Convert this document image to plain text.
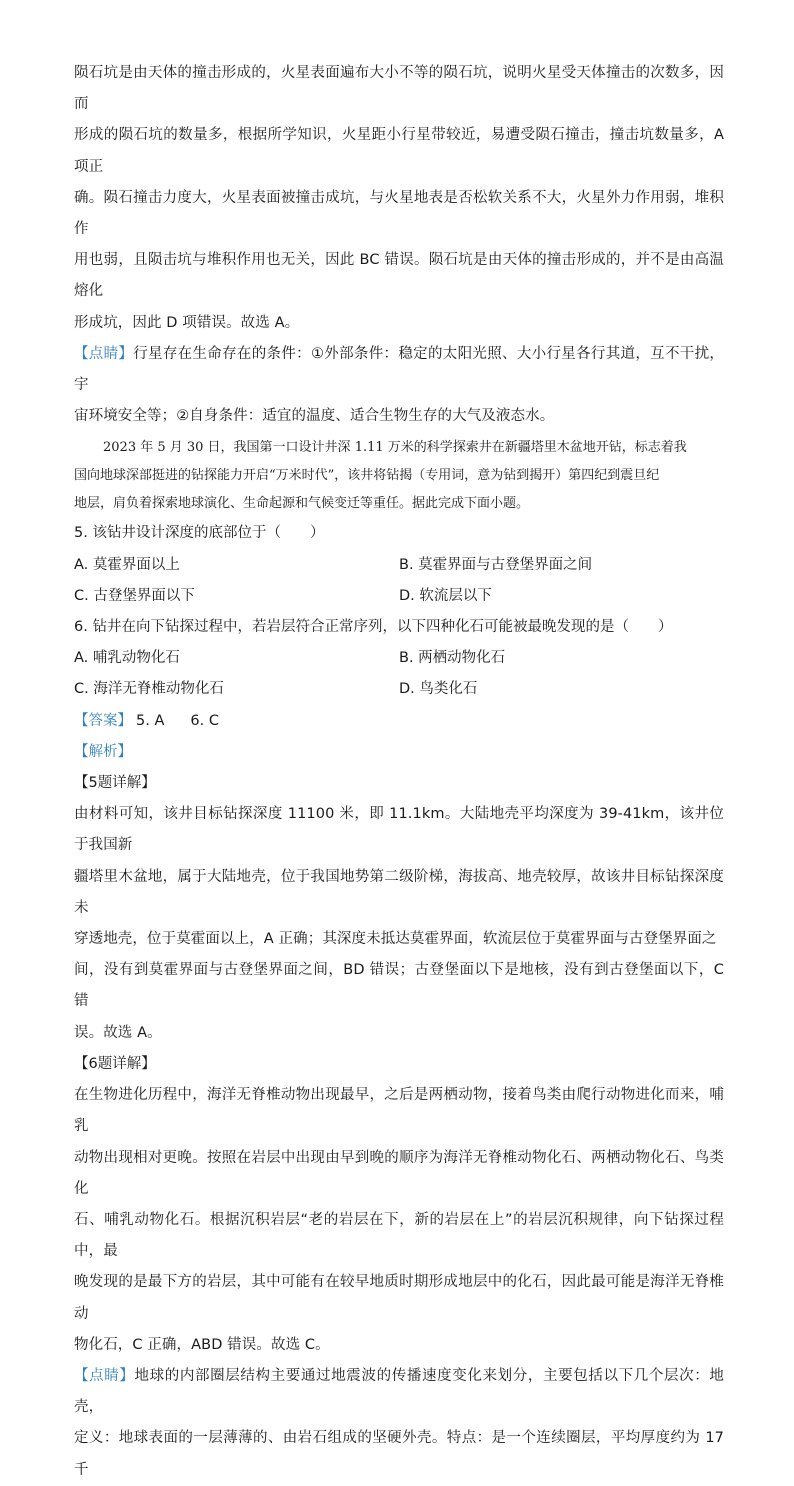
陨石坑是由天体的撞击形成的，火星表面遍布大小不等的陨石坑，说明火星受天体撞击的次数多，因而

形成的陨石坑的数量多，根据所学知识，火星距小行星带较近，易遭受陨石撞击，撞击坑数量多，A项正

确。陨石撞击力度大，火星表面被撞击成坑，与火星地表是否松软关系不大，火星外力作用弱，堆积作

用也弱，且陨击坑与堆积作用也无关，因此 BC 错误。陨石坑是由天体的撞击形成的，并不是由高温熔化

形成坑，因此 D 项错误。故选 A。

【点睛】行星存在生命存在的条件：①外部条件：稳定的太阳光照、大小行星各行其道，互不干扰，宇

宙环境安全等；②自身条件：适宜的温度、适合生物生存的大气及液态水。

2023 年 5 月 30 日，我国第一口设计井深 1.11 万米的科学探索井在新疆塔里木盆地开钻，标志着我

国向地球深部挺进的钻探能力开启“万米时代”，该井将钻揭（专用词，意为钻到揭开）第四纪到震旦纪

地层，肩负着探索地球演化、生命起源和气候变迁等重任。据此完成下面小题。

5. 该钻井设计深度的底部位于（　　）

A. 莫霍界面以上	B. 莫霍界面与古登堡界面之间
C. 古登堡界面以下	D. 软流层以下

6. 钻井在向下钻探过程中，若岩层符合正常序列，以下四种化石可能被最晚发现的是（　　）

A. 哺乳动物化石	B. 两栖动物化石
C. 海洋无脊椎动物化石	D. 鸟类化石

【答案】 5. A 6. C

【解析】

【5题详解】

由材料可知，该井目标钻探深度 11100 米，即 11.1km。大陆地壳平均深度为 39-41km，该井位于我国新

疆塔里木盆地，属于大陆地壳，位于我国地势第二级阶梯，海拔高、地壳较厚，故该井目标钻探深度未

穿透地壳，位于莫霍面以上，A 正确；其深度未抵达莫霍界面，软流层位于莫霍界面与古登堡界面之

间，没有到莫霍界面与古登堡界面之间，BD 错误；古登堡面以下是地核，没有到古登堡面以下，C 错

误。故选 A。

【6题详解】

在生物进化历程中，海洋无脊椎动物出现最早，之后是两栖动物，接着鸟类由爬行动物进化而来，哺乳

动物出现相对更晚。按照在岩层中出现由早到晚的顺序为海洋无脊椎动物化石、两栖动物化石、鸟类化

石、哺乳动物化石。根据沉积岩层“老的岩层在下，新的岩层在上”的岩层沉积规律，向下钻探过程中，最

晚发现的是最下方的岩层，其中可能有在较早地质时期形成地层中的化石，因此最可能是海洋无脊椎动

物化石，C 正确，ABD 错误。故选 C。

【点睛】地球的内部圈层结构主要通过地震波的传播速度变化来划分，主要包括以下几个层次：地壳，

定义：地球表面的一层薄薄的、由岩石组成的坚硬外壳。特点：是一个连续圈层，平均厚度约为 17 千
